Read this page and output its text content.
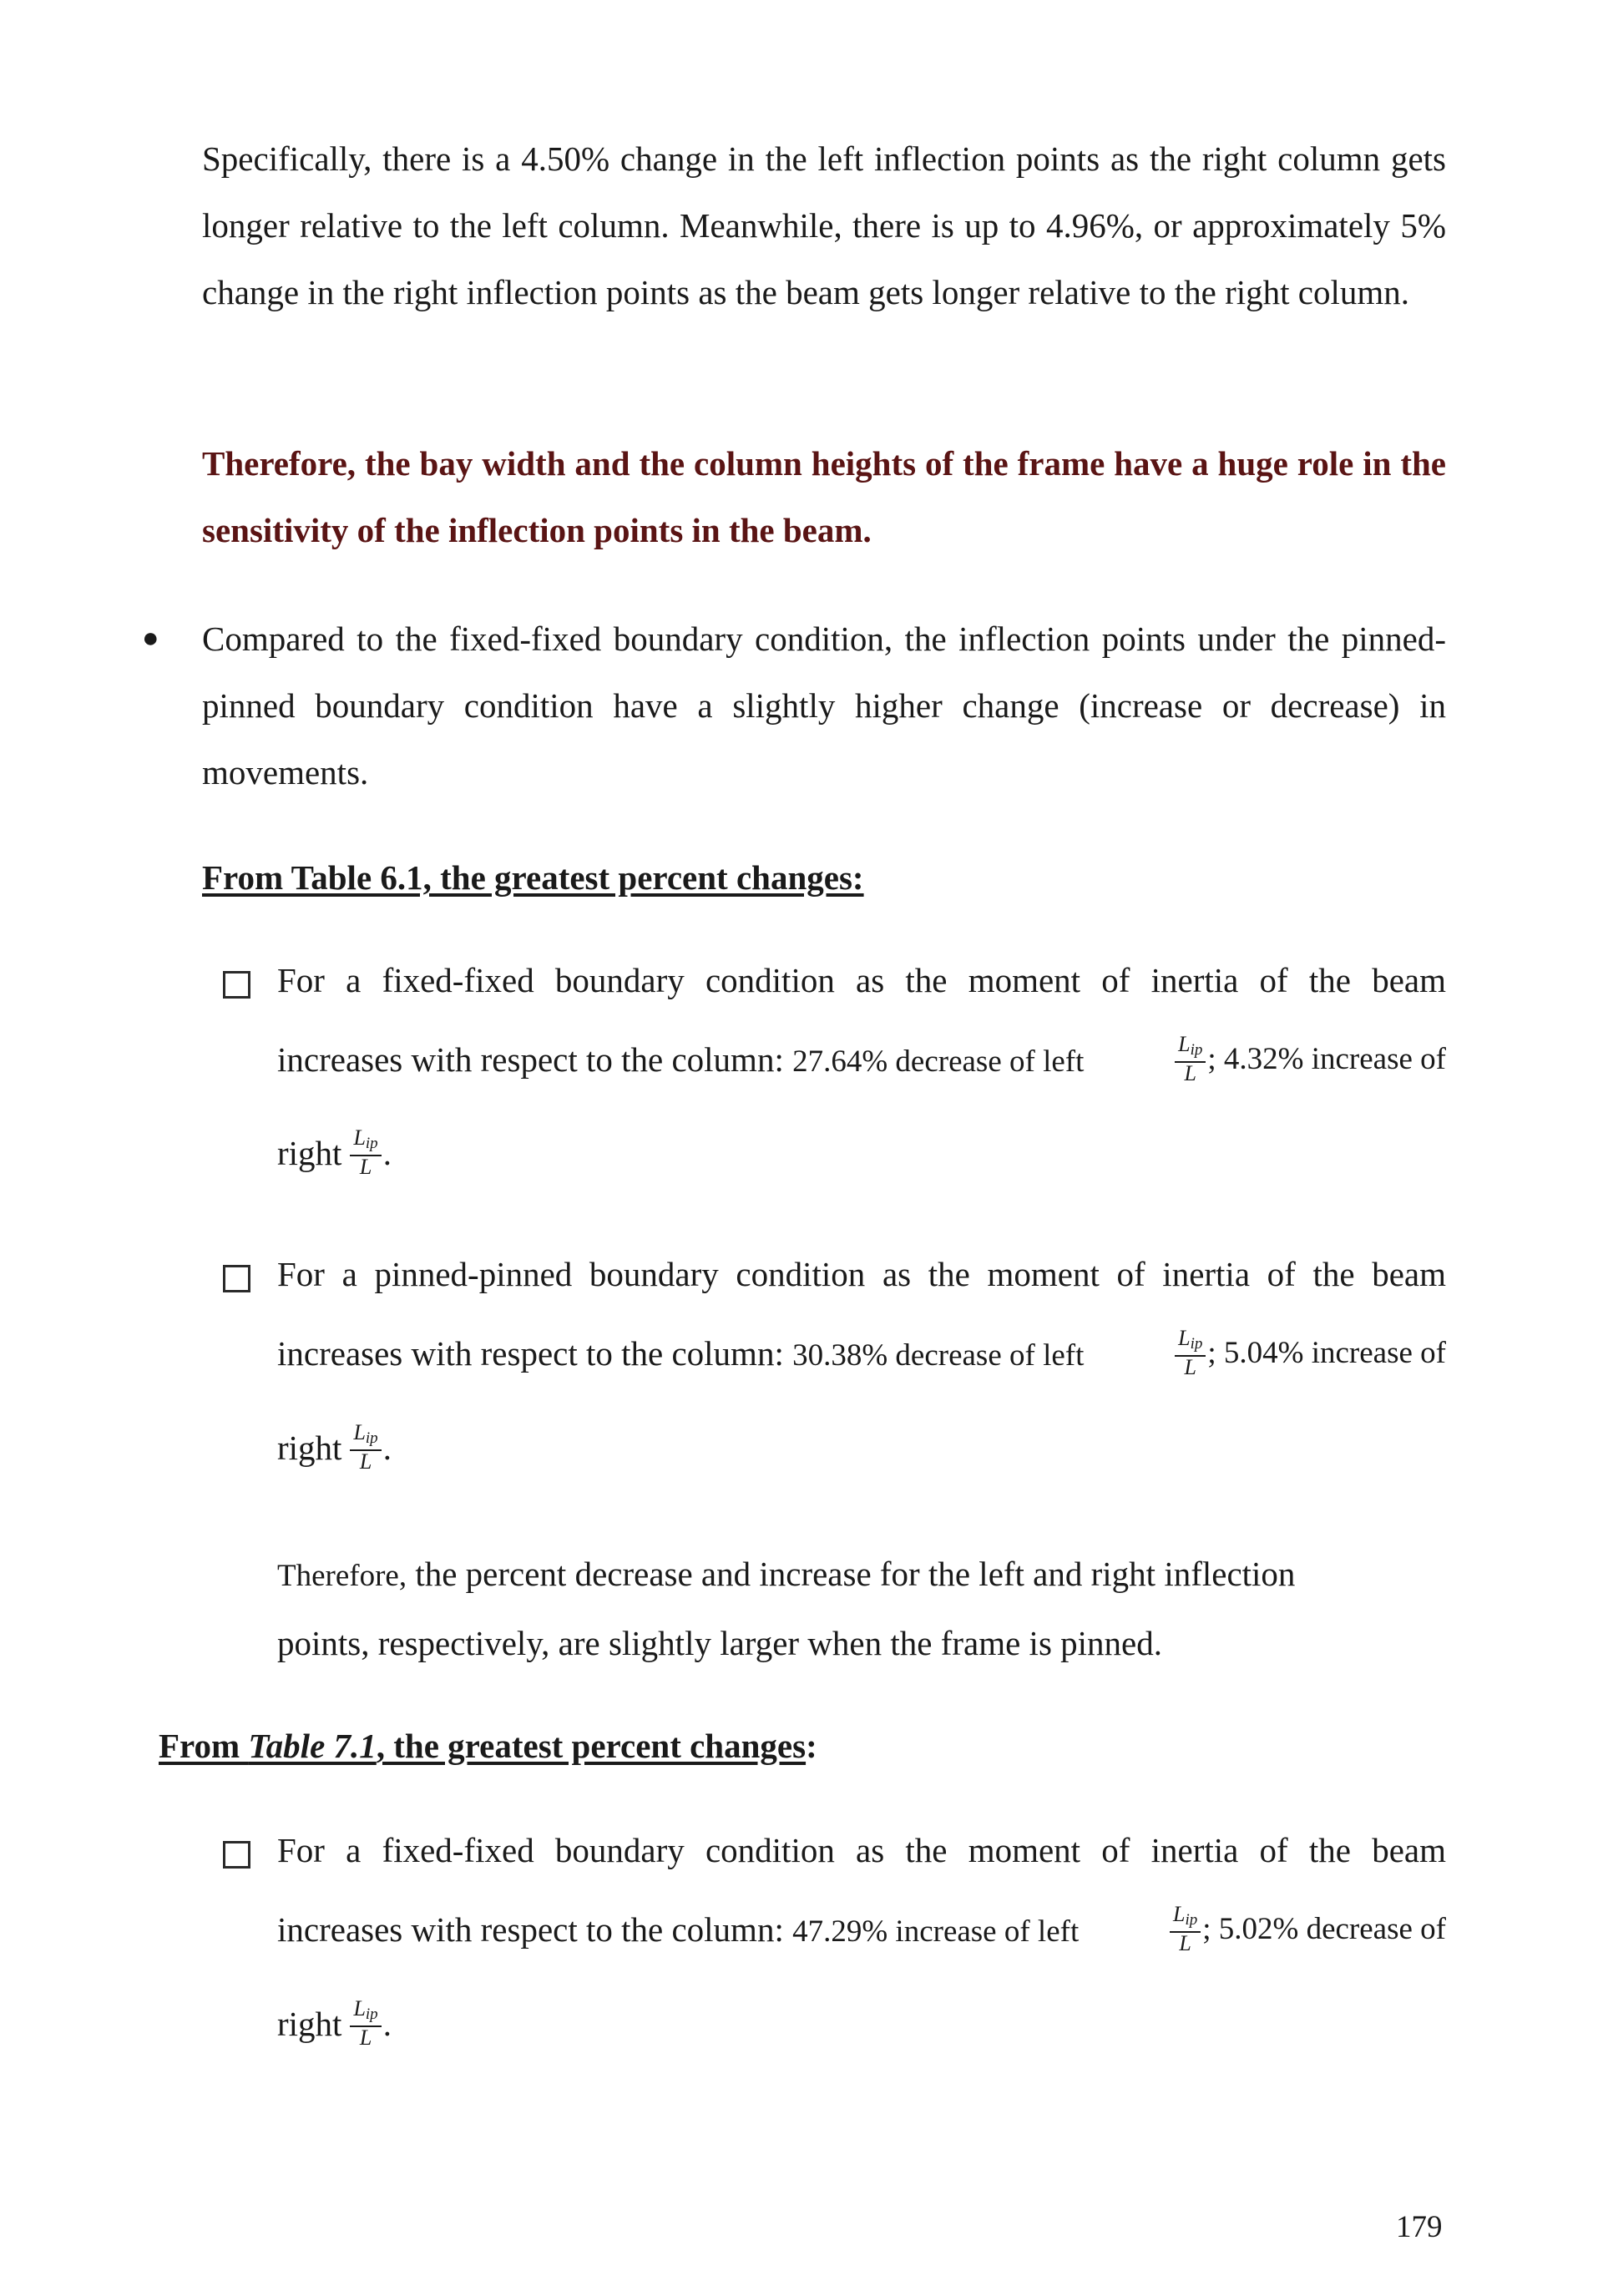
Specifically, there is a 4.50% change in the left inflection points as the right column gets longer relative to the left column. Meanwhile, there is up to 4.96%, or approximately 5% change in the right inflection points as the beam gets longer relative to the right column.
Therefore, the bay width and the column heights of the frame have a huge role in the sensitivity of the inflection points in the beam.
● Compared to the fixed-fixed boundary condition, the inflection points under the pinned-pinned boundary condition have a slightly higher change (increase or decrease) in movements.
From Table 6.1, the greatest percent changes:
For a fixed-fixed boundary condition as the moment of inertia of the beam
increases with respect to the column: 27.64% decrease of left	$\frac{L_{ip}}{L}$ ; 4.32% increase of
right $\frac{L_{ip}}{L}$ .
For a pinned-pinned boundary condition as the moment of inertia of the beam
increases with respect to the column: 30.38% decrease of left	$\frac{L_{ip}}{L}$ ; 5.04% increase of
right $\frac{L_{ip}}{L}$ .
Therefore, the percent decrease and increase for the left and right inflection points, respectively, are slightly larger when the frame is pinned.
From Table 7.1, the greatest percent changes:
For a fixed-fixed boundary condition as the moment of inertia of the beam
increases with respect to the column: 47.29% increase of left	$\frac{L_{ip}}{L}$ ; 5.02% decrease of
right $\frac{L_{ip}}{L}$ .
179
